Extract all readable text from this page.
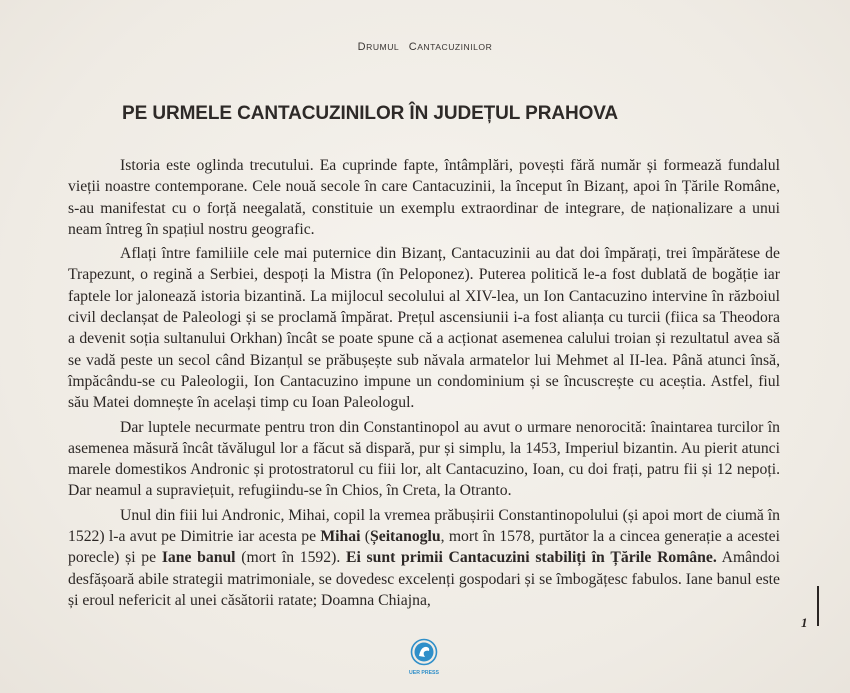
DRUMUL CANTACUZINILOR
PE URMELE CANTACUZINILOR ÎN JUDEȚUL PRAHOVA

Istoria este oglinda trecutului. Ea cuprinde fapte, întâmplări, povești fără număr și formează fundalul vieții noastre contemporane. Cele nouă secole în care Cantacuzinii, la început în Bizanț, apoi în Țările Române, s-au manifestat cu o forță neegalată, constituie un exemplu extraordinar de integrare, de naționalizare a unui neam întreg în spațiul nostru geografic.

Aflați între familiile cele mai puternice din Bizanț, Cantacuzinii au dat doi împărați, trei împărătese de Trapezunt, o regină a Serbiei, despoți la Mistra (în Peloponez). Puterea politică le-a fost dublată de bogăție iar faptele lor jalonează istoria bizantină. La mijlocul secolului al XIV-lea, un Ion Cantacuzino intervine în războiul civil declanșat de Paleologi și se proclamă împărat. Prețul ascensiunii i-a fost alianța cu turcii (fiica sa Theodora a devenit soția sultanului Orkhan) încât se poate spune că a acționat asemenea calului troian și rezultatul avea să se vadă peste un secol când Bizanțul se prăbușește sub năvala armatelor lui Mehmet al II-lea. Până atunci însă, împăcându-se cu Paleologii, Ion Cantacuzino impune un condominium și se încuscrește cu aceștia. Astfel, fiul său Matei domnește în același timp cu Ioan Paleologul.

Dar luptele necurmate pentru tron din Constantinopol au avut o urmare nenorocită: înaintarea turcilor în asemenea măsură încât tăvălugul lor a făcut să dispară, pur și simplu, la 1453, Imperiul bizantin. Au pierit atunci marele domestikos Andronic și protostratorul cu fiii lor, alt Cantacuzino, Ioan, cu doi frați, patru fii și 12 nepoți. Dar neamul a supraviețuit, refugiindu-se în Chios, în Creta, la Otranto.

Unul din fiii lui Andronic, Mihai, copil la vremea prăbușirii Constantinopolului (și apoi mort de ciumă în 1522) l-a avut pe Dimitrie iar acesta pe Mihai (Șeitanoglu, mort în 1578, purtător la a cincea generație a acestei porecle) și pe Iane banul (mort în 1592). Ei sunt primii Cantacuzini stabiliți în Țările Române. Amândoi desfășoară abile strategii matrimoniale, se dovedesc excelenți gospodari și se îmbogățesc fabulos. Iane banul este și eroul nefericit al unei căsătorii ratate; Doamna Chiajna,

1
UER PRESS
